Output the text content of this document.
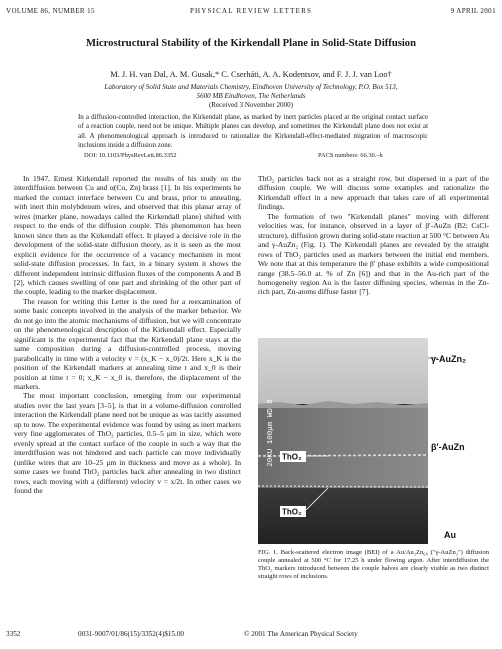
VOLUME 86, NUMBER 15	PHYSICAL REVIEW LETTERS	9 APRIL 2001
Microstructural Stability of the Kirkendall Plane in Solid-State Diffusion
M. J. H. van Dal, A. M. Gusak,* C. Cserháti, A. A. Kodentsov, and F. J. J. van Loo†
Laboratory of Solid State and Materials Chemistry, Eindhoven University of Technology, P.O. Box 513,
5600 MB Eindhoven, The Netherlands
(Received 3 November 2000)
In a diffusion-controlled interaction, the Kirkendall plane, as marked by inert particles placed at the original contact surface of a reaction couple, need not be unique. Multiple planes can develop, and sometimes the Kirkendall plane does not exist at all. A phenomenological approach is introduced to rationalize the Kirkendall-effect-mediated migration of macroscopic inclusions inside a diffusion zone.
DOI: 10.1103/PhysRevLett.86.3352	PACS numbers: 66.30.–h

In 1947, Ernest Kirkendall reported the results of his study on the interdiffusion between Cu and α(Cu, Zn) brass [1]. In his experiments he marked the contact interface between Cu and brass, prior to annealing, with inert thin molybdenum wires, and observed that this planar array of wires (marker plane, nowadays called the Kirkendall plane) shifted with respect to the ends of the diffusion couple. This phenomenon has been known since then as the Kirkendall effect. It played a decisive role in the development of the solid-state diffusion theory, as it is seen as the most explicit evidence for the occurrence of a vacancy mechanism in most solid-state diffusion processes. In fact, in a binary system it shows the different independent intrinsic diffusion fluxes of the components A and B [2], which causes swelling of one part and shrinking of the other part of the couple, leading to the marker displacement.

The reason for writing this Letter is the need for a reexamination of some basic concepts involved in the analysis of the marker behavior. We do not go into the atomic mechanisms of diffusion, but we will concentrate on the phenomenological description of the Kirkendall effect. Especially significant is the experimental fact that the Kirkendall plane stays at the same composition during a diffusion-controlled process, moving parabolically in time with a velocity v = (x_K − x_0)/2t. Here x_K is the position of the Kirkendall markers at annealing time t and x_0 is their position at time t = 0; x_K − x_0 is, therefore, the displacement of the markers.

The most important conclusion, emerging from our experimental studies over the last years [3–5], is that in a volume-diffusion controlled interaction the Kirkendall plane need not be unique as was tacitly assumed up to now. The experimental evidence was found by using as inert markers very fine agglomerates of ThO₂ particles, 0.5–5 μm in size, which were evenly spread at the contact surface of the couple in such a way that the interdiffusion was not hindered and each particle can move individually (unlike wires that are 10–25 μm in thickness and move as a whole). In some cases we found ThO₂ particles back after annealing in two distinct rows, each moving with a (different) velocity v = x/2t. In other cases we found the

ThO₂ particles back not as a straight row, but dispersed in a part of the diffusion couple. We will discuss some examples and rationalize the Kirkendall effect in a new approach that takes care of all experimental findings.

The formation of two "Kirkendall planes" moving with different velocities was, for instance, observed in a layer of β′-AuZn (B2; CsCl-structure), diffusion grown during solid-state reaction at 500 °C between Au and γ-AuZn₂ (Fig. 1). The Kirkendall planes are revealed by the straight rows of ThO₂ particles used as markers between the initial end members. We note that at this temperature the β′ phase exhibits a wide compositional range (38.5–56.0 at. % of Zn [6]) and that in the Au-rich part of the homogeneity region Au is the faster diffusing species, whereas in the Zn-rich part, Zn-atoms diffuse faster [7].

20KU 100μm WD 8 ThO₂
ThO₂
γ-AuZn₂
β′-AuZn
Au
FIG. 1. Back-scattered electron image (BEI) of a Au/Au₂Zn₆₄ ("γ-AuZn₂") diffusion couple annealed at 500 °C for 17.25 h under flowing argon. After interdiffusion the ThO₂ markers introduced between the couple halves are clearly visible as two distinct straight rows of inclusions.
3352	0031-9007/01/86(15)/3352(4)$15.00	© 2001 The American Physical Society
